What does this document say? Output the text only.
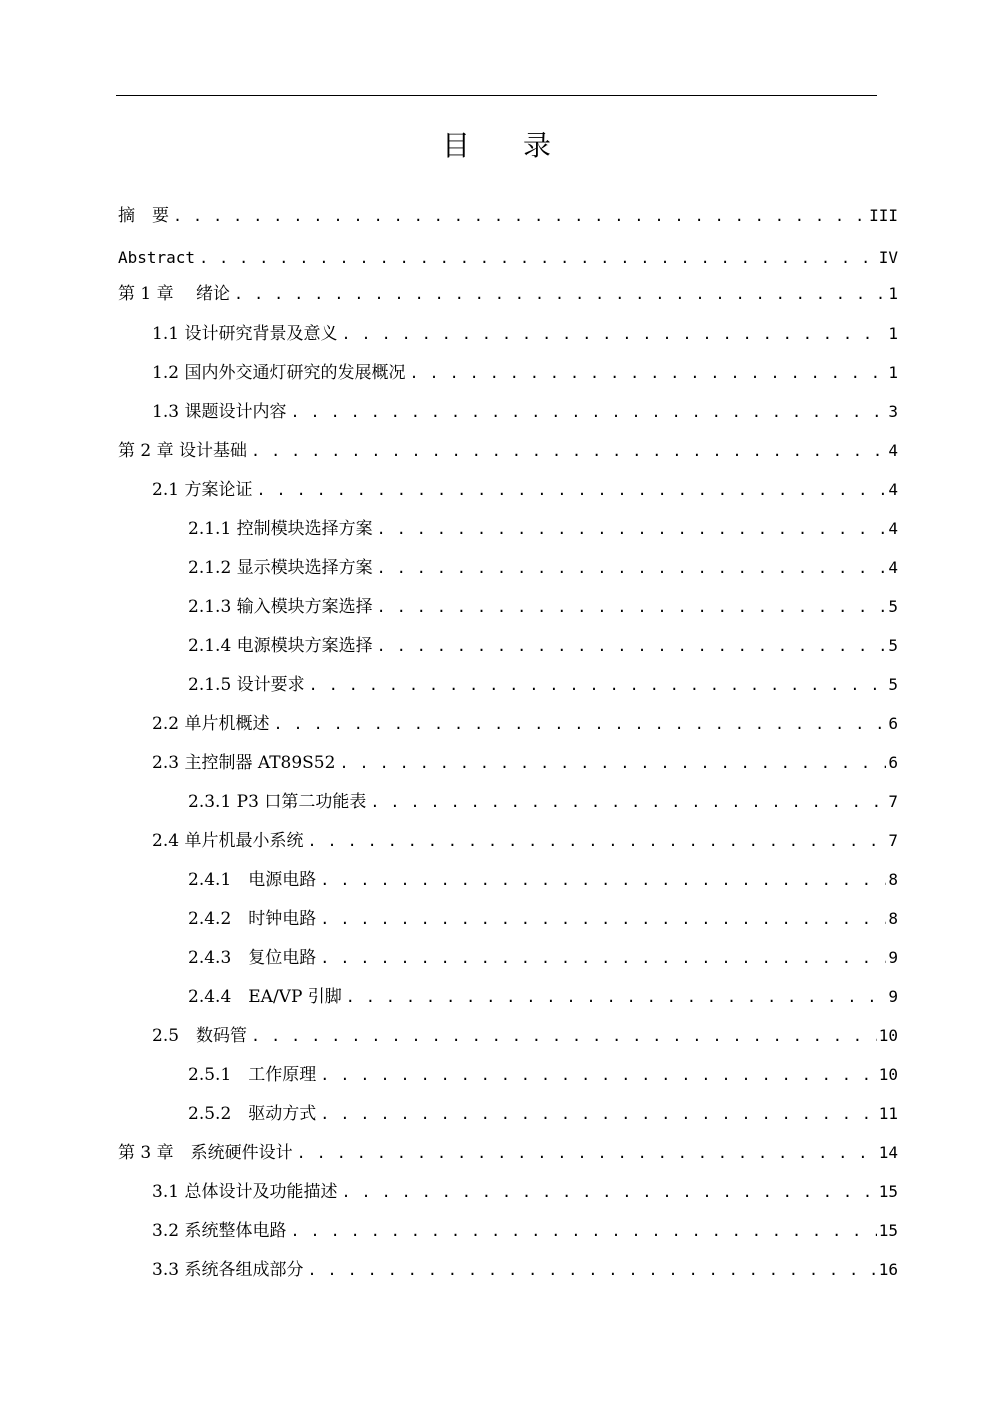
目 录
摘　要 . . .	III
Abstract . . .	IV
第 1 章　 绪论 . . .	1
1.1 设计研究背景及意义 . . .	1
1.2 国内外交通灯研究的发展概况 . . .	1
1.3 课题设计内容 . . .	3
第 2 章 设计基础 . . .	4
2.1 方案论证 . . .	4
2.1.1 控制模块选择方案 . . .	4
2.1.2 显示模块选择方案 . . .	4
2.1.3 输入模块方案选择 . . .	5
2.1.4 电源模块方案选择 . . .	5
2.1.5 设计要求 . . .	5
2.2 单片机概述 . . .	6
2.3 主控制器 AT89S52 . . .	6
2.3.1 P3 口第二功能表 . . .	7
2.4 单片机最小系统 . . .	7
2.4.1　电源电路 . . .	8
2.4.2　时钟电路 . . .	8
2.4.3　复位电路 . . .	9
2.4.4　EA/VP 引脚 . . .	9
2.5　数码管 . . .	10
2.5.1　工作原理 . . .	10
2.5.2　驱动方式 . . .	11
第 3 章　系统硬件设计 . . .	14
3.1 总体设计及功能描述 . . .	15
3.2 系统整体电路 . . .	15
3.3 系统各组成部分 . . .	16
